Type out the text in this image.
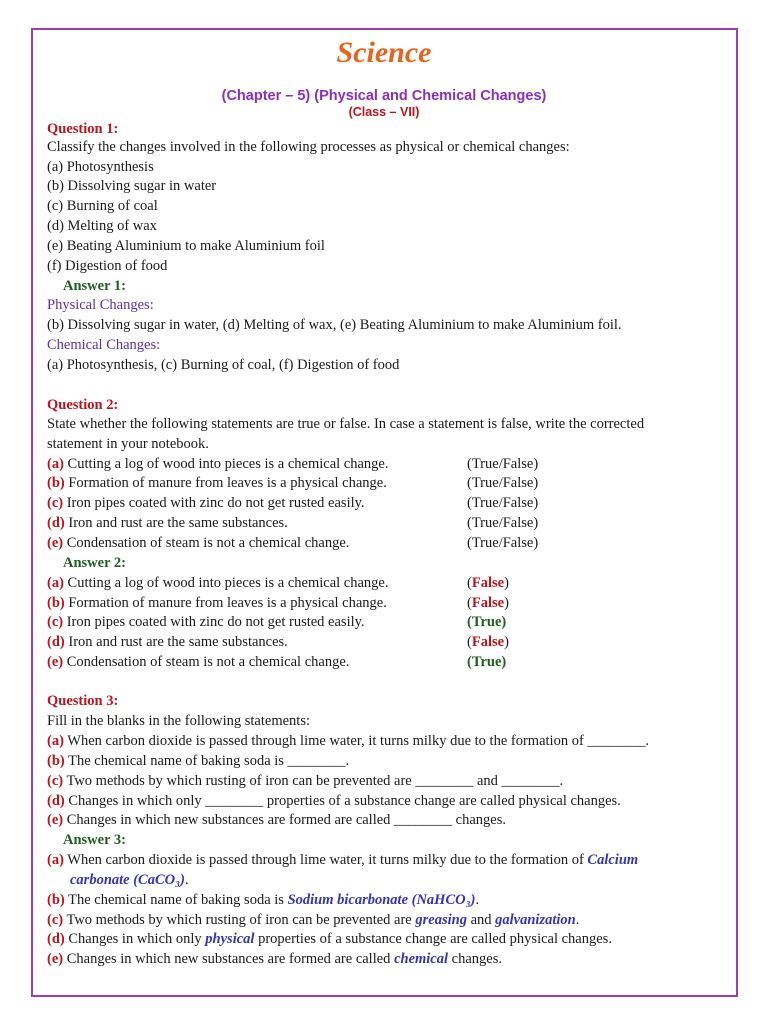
Science
(Chapter – 5) (Physical and Chemical Changes)
(Class – VII)
Question 1:
Classify the changes involved in the following processes as physical or chemical changes:
(a) Photosynthesis
(b) Dissolving sugar in water
(c) Burning of coal
(d) Melting of wax
(e) Beating Aluminium to make Aluminium foil
(f) Digestion of food
Answer 1:
Physical Changes:
(b) Dissolving sugar in water, (d) Melting of wax, (e) Beating Aluminium to make Aluminium foil.
Chemical Changes:
(a) Photosynthesis, (c) Burning of coal, (f) Digestion of food
Question 2:
State whether the following statements are true or false. In case a statement is false, write the corrected
statement in your notebook.
(a) Cutting a log of wood into pieces is a chemical change.	(True/False)
(b) Formation of manure from leaves is a physical change.	(True/False)
(c) Iron pipes coated with zinc do not get rusted easily.	(True/False)
(d) Iron and rust are the same substances.	(True/False)
(e) Condensation of steam is not a chemical change.	(True/False)
Answer 2:
(a) Cutting a log of wood into pieces is a chemical change.	(False)
(b) Formation of manure from leaves is a physical change.	(False)
(c) Iron pipes coated with zinc do not get rusted easily.	(True)
(d) Iron and rust are the same substances.	(False)
(e) Condensation of steam is not a chemical change.	(True)
Question 3:
Fill in the blanks in the following statements:
(a) When carbon dioxide is passed through lime water, it turns milky due to the formation of ________.
(b) The chemical name of baking soda is ________.
(c) Two methods by which rusting of iron can be prevented are ________ and ________.
(d) Changes in which only ________ properties of a substance change are called physical changes.
(e) Changes in which new substances are formed are called ________ changes.
Answer 3:
(a) When carbon dioxide is passed through lime water, it turns milky due to the formation of Calcium
carbonate (CaCO₃).
(b) The chemical name of baking soda is Sodium bicarbonate (NaHCO₃).
(c) Two methods by which rusting of iron can be prevented are greasing and galvanization.
(d) Changes in which only physical properties of a substance change are called physical changes.
(e) Changes in which new substances are formed are called chemical changes.
